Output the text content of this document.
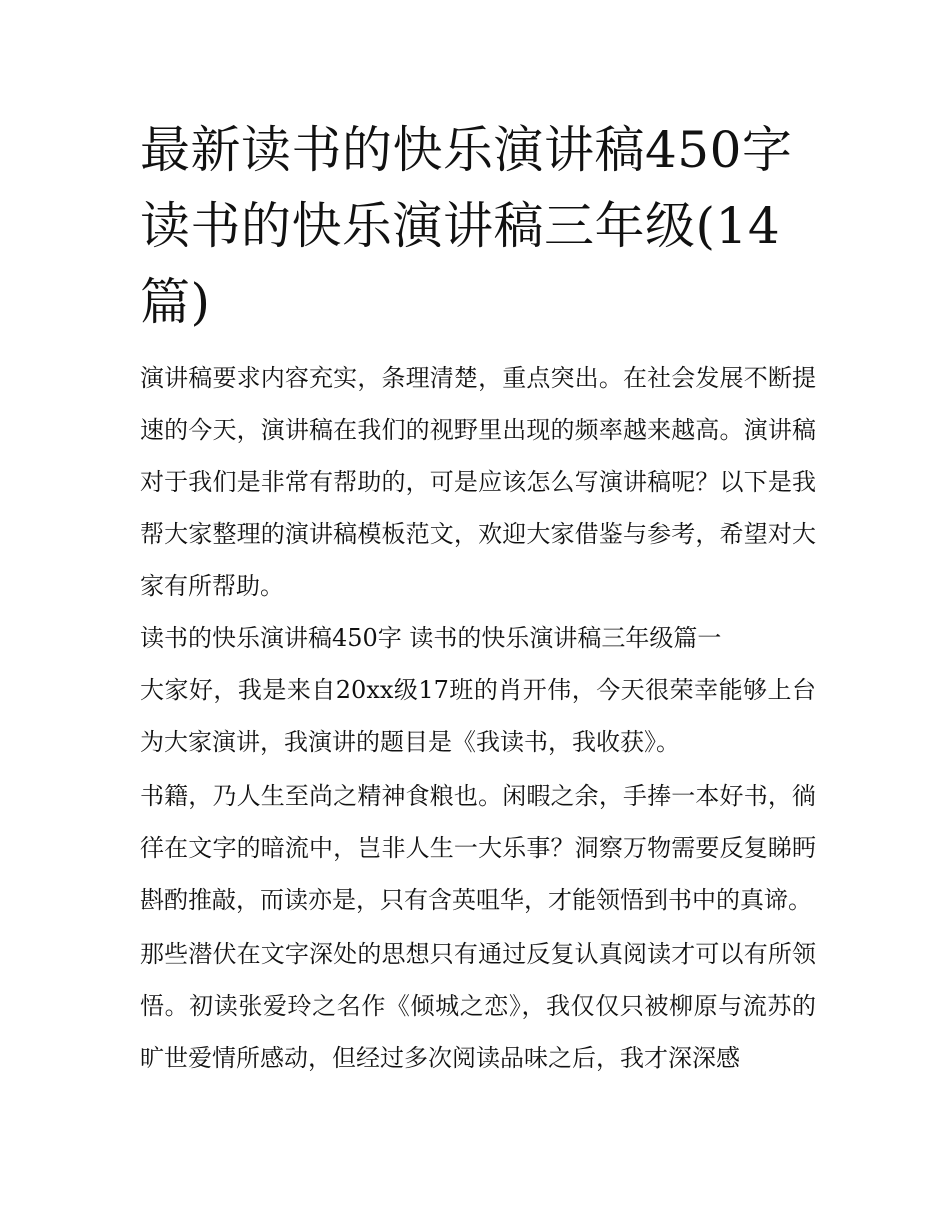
最新读书的快乐演讲稿450字
读书的快乐演讲稿三年级(14
篇)

演讲稿要求内容充实，条理清楚，重点突出。在社会发展不断提速的今天，演讲稿在我们的视野里出现的频率越来越高。演讲稿对于我们是非常有帮助的，可是应该怎么写演讲稿呢？以下是我帮大家整理的演讲稿模板范文，欢迎大家借鉴与参考，希望对大家有所帮助。

读书的快乐演讲稿450字 读书的快乐演讲稿三年级篇一

大家好，我是来自20xx级17班的肖开伟，今天很荣幸能够上台为大家演讲，我演讲的题目是《我读书，我收获》。

书籍，乃人生至尚之精神食粮也。闲暇之余，手捧一本好书，徜徉在文字的暗流中，岂非人生一大乐事？洞察万物需要反复睇眄斟酌推敲，而读亦是，只有含英咀华，才能领悟到书中的真谛。

那些潜伏在文字深处的思想只有通过反复认真阅读才可以有所领悟。初读张爱玲之名作《倾城之恋》，我仅仅只被柳原与流苏的旷世爱情所感动，但经过多次阅读品味之后，我才深深感
